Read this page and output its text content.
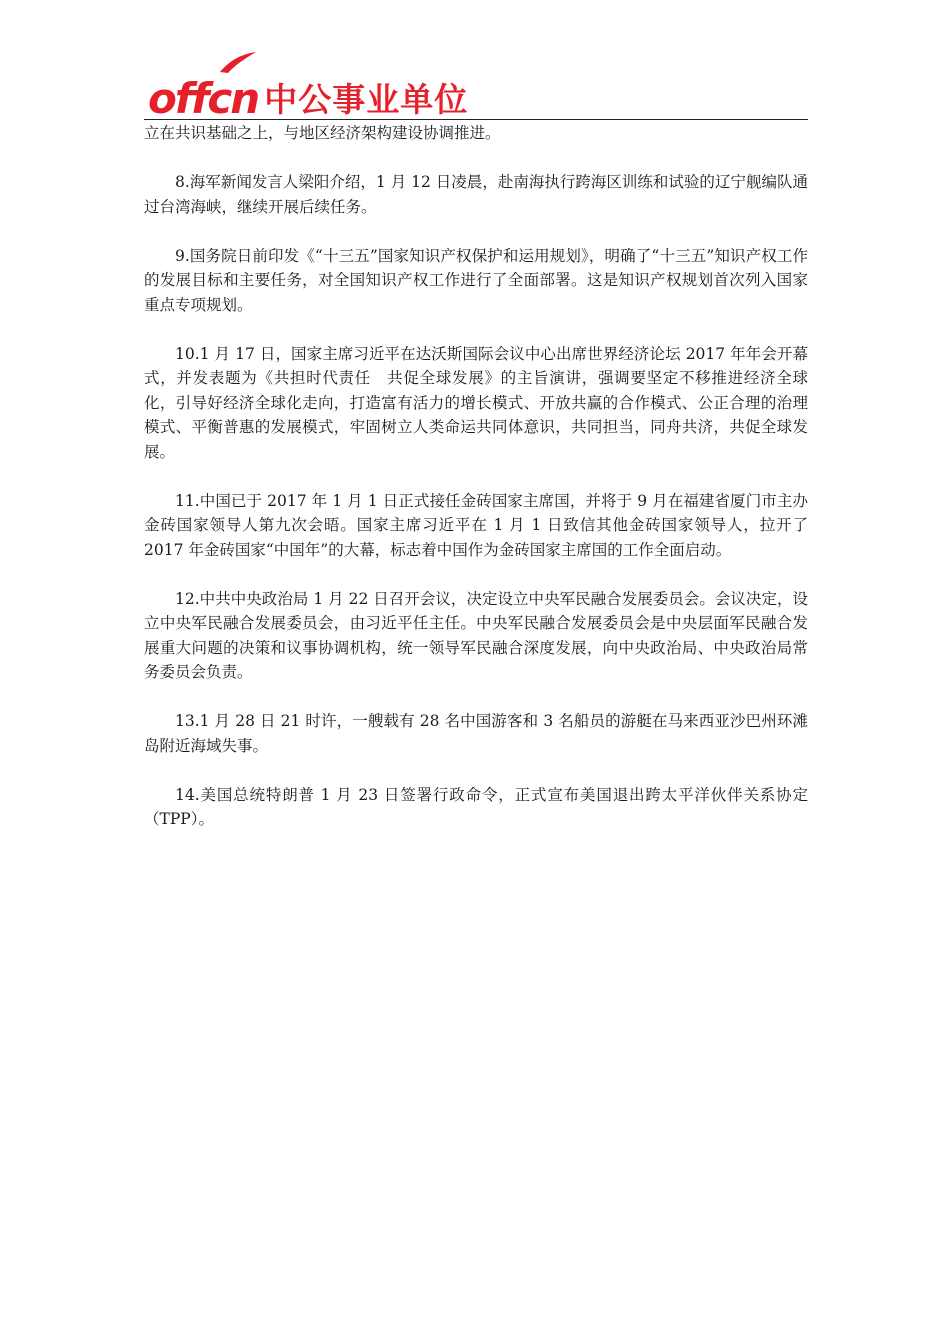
offcn 中公事业单位

立在共识基础之上，与地区经济架构建设协调推进。

8.海军新闻发言人梁阳介绍，1 月 12 日凌晨，赴南海执行跨海区训练和试验的辽宁舰编队通过台湾海峡，继续开展后续任务。

9.国务院日前印发《“十三五”国家知识产权保护和运用规划》，明确了“十三五”知识产权工作的发展目标和主要任务，对全国知识产权工作进行了全面部署。这是知识产权规划首次列入国家重点专项规划。

10.1 月 17 日，国家主席习近平在达沃斯国际会议中心出席世界经济论坛 2017 年年会开幕式，并发表题为《共担时代责任　共促全球发展》的主旨演讲，强调要坚定不移推进经济全球化，引导好经济全球化走向，打造富有活力的增长模式、开放共赢的合作模式、公正合理的治理模式、平衡普惠的发展模式，牢固树立人类命运共同体意识，共同担当，同舟共济，共促全球发展。

11.中国已于 2017 年 1 月 1 日正式接任金砖国家主席国，并将于 9 月在福建省厦门市主办金砖国家领导人第九次会晤。国家主席习近平在 1 月 1 日致信其他金砖国家领导人，拉开了 2017 年金砖国家“中国年”的大幕，标志着中国作为金砖国家主席国的工作全面启动。

12.中共中央政治局 1 月 22 日召开会议，决定设立中央军民融合发展委员会。会议决定，设立中央军民融合发展委员会，由习近平任主任。中央军民融合发展委员会是中央层面军民融合发展重大问题的决策和议事协调机构，统一领导军民融合深度发展，向中央政治局、中央政治局常务委员会负责。

13.1 月 28 日 21 时许，一艘载有 28 名中国游客和 3 名船员的游艇在马来西亚沙巴州环滩岛附近海域失事。

14.美国总统特朗普 1 月 23 日签署行政命令，正式宣布美国退出跨太平洋伙伴关系协定（TPP）。
